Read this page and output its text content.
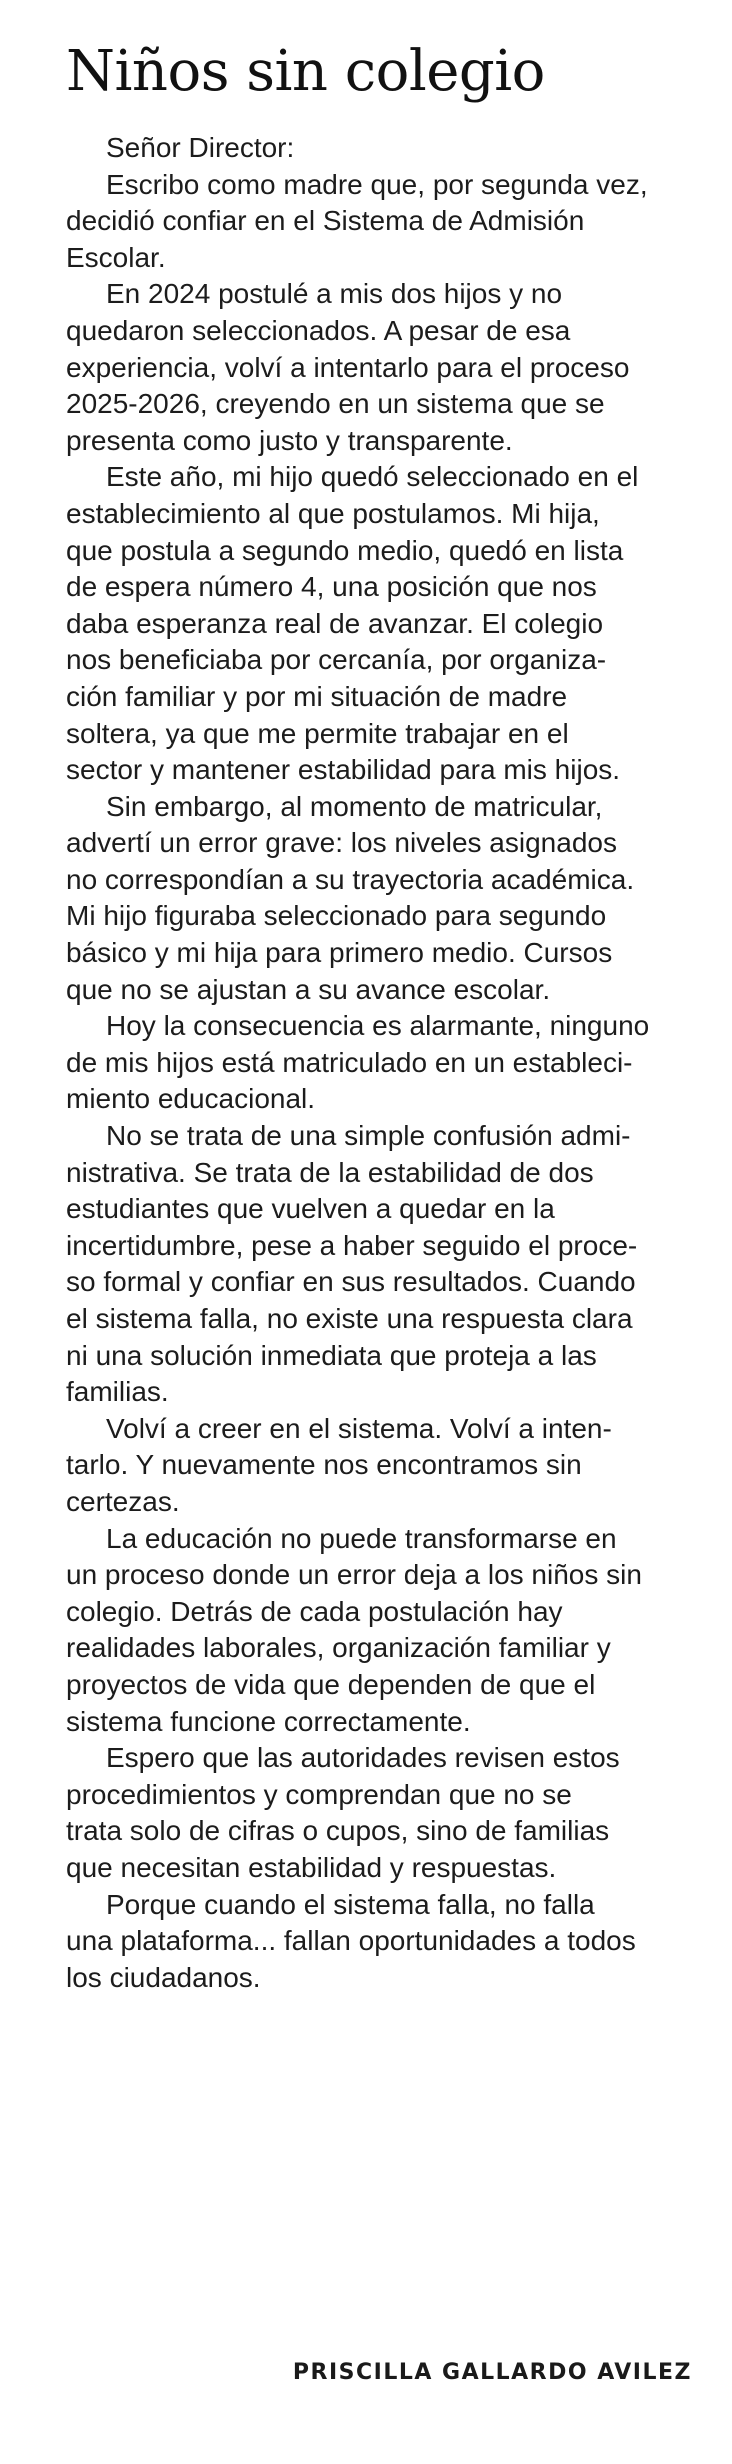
Niños sin colegio
Señor Director:
Escribo como madre que, por segunda vez,
decidió confiar en el Sistema de Admisión
Escolar.
En 2024 postulé a mis dos hijos y no
quedaron seleccionados. A pesar de esa
experiencia, volví a intentarlo para el proceso
2025-2026, creyendo en un sistema que se
presenta como justo y transparente.
Este año, mi hijo quedó seleccionado en el
establecimiento al que postulamos. Mi hija,
que postula a segundo medio, quedó en lista
de espera número 4, una posición que nos
daba esperanza real de avanzar. El colegio
nos beneficiaba por cercanía, por organiza-
ción familiar y por mi situación de madre
soltera, ya que me permite trabajar en el
sector y mantener estabilidad para mis hijos.
Sin embargo, al momento de matricular,
advertí un error grave: los niveles asignados
no correspondían a su trayectoria académica.
Mi hijo figuraba seleccionado para segundo
básico y mi hija para primero medio. Cursos
que no se ajustan a su avance escolar.
Hoy la consecuencia es alarmante, ninguno
de mis hijos está matriculado en un estableci-
miento educacional.
No se trata de una simple confusión admi-
nistrativa. Se trata de la estabilidad de dos
estudiantes que vuelven a quedar en la
incertidumbre, pese a haber seguido el proce-
so formal y confiar en sus resultados. Cuando
el sistema falla, no existe una respuesta clara
ni una solución inmediata que proteja a las
familias.
Volví a creer en el sistema. Volví a inten-
tarlo. Y nuevamente nos encontramos sin
certezas.
La educación no puede transformarse en
un proceso donde un error deja a los niños sin
colegio. Detrás de cada postulación hay
realidades laborales, organización familiar y
proyectos de vida que dependen de que el
sistema funcione correctamente.
Espero que las autoridades revisen estos
procedimientos y comprendan que no se
trata solo de cifras o cupos, sino de familias
que necesitan estabilidad y respuestas.
Porque cuando el sistema falla, no falla
una plataforma... fallan oportunidades a todos
los ciudadanos.
PRISCILLA GALLARDO AVILEZ
